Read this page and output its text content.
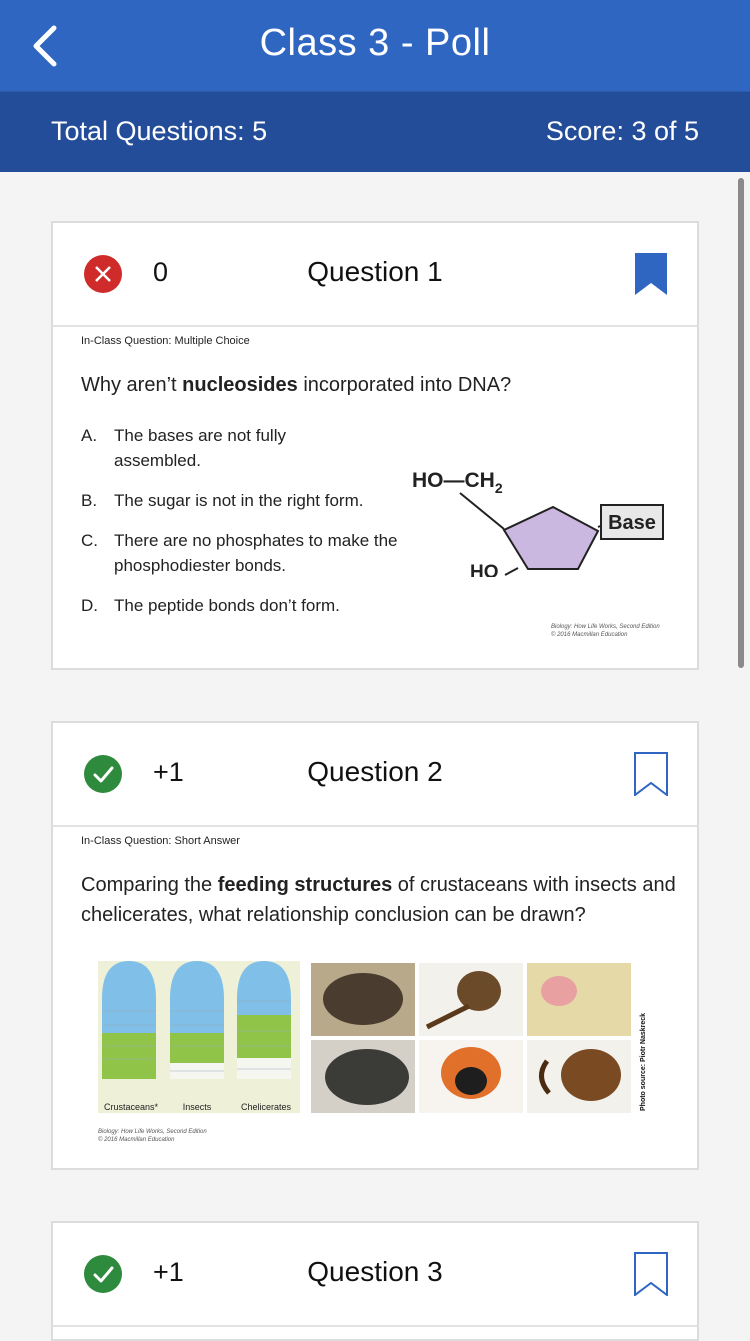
Class 3 - Poll
Total Questions: 5	Score: 3 of 5
0	Question 1
In-Class Question: Multiple Choice
Why aren’t nucleosides incorporated into DNA?
A. The bases are not fully assembled.
B. The sugar is not in the right form.
C. There are no phosphates to make the phosphodiester bonds.
D. The peptide bonds don’t form.
$HO—CH_2$
Base
HO
Biology: How Life Works, Second Edition
© 2016 Macmillan Education
+1	Question 2
In-Class Question: Short Answer
Comparing the feeding structures of crustaceans with insects and chelicerates, what relationship conclusion can be drawn?
Crustaceans*	Insects	Chelicerates	Photo source: Piotr Naskreck
Biology: How Life Works, Second Edition
© 2016 Macmillan Education
+1	Question 3
